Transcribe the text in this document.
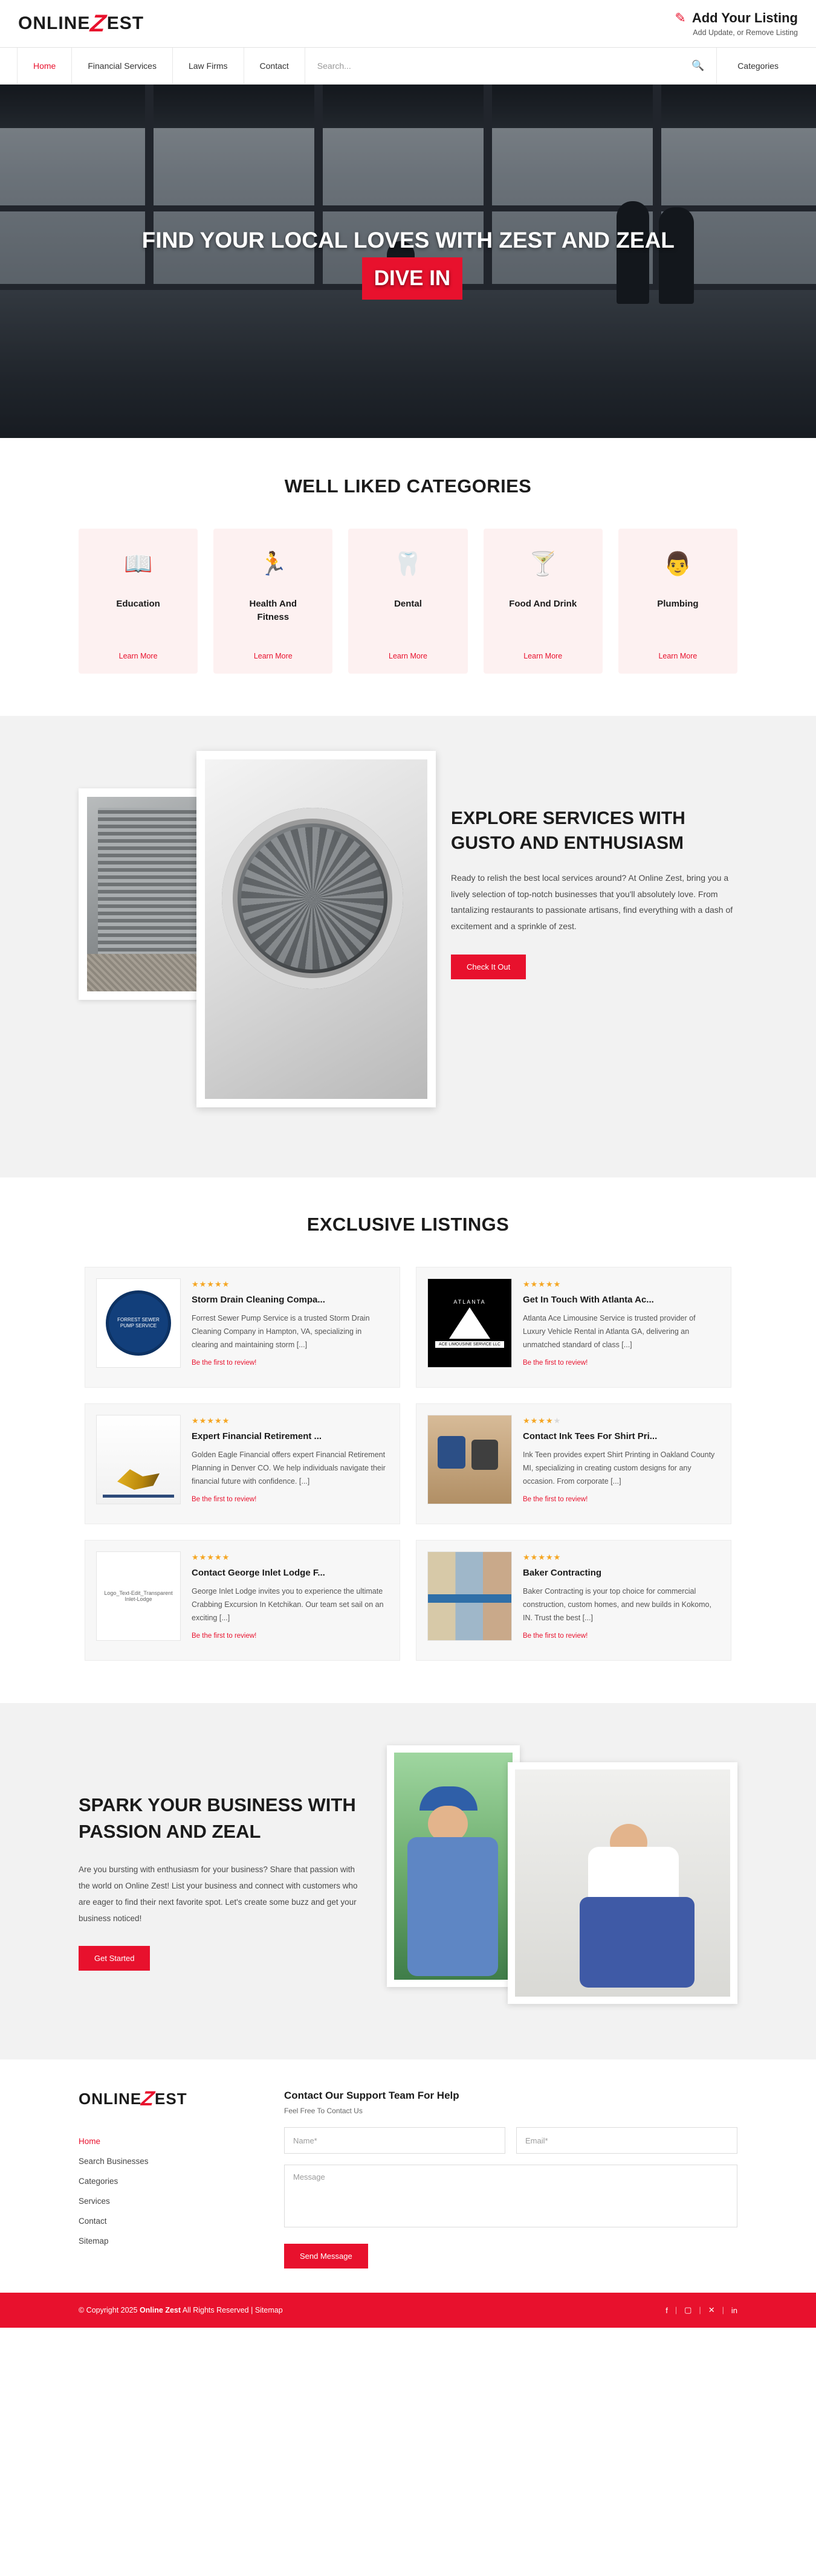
ONLINE
Z
EST	✎ Add Your Listing
Add Update, or Remove Listing
Home	Financial Services	Law Firms	Contact
Search...	🔍	Categories
FIND YOUR LOCAL LOVES WITH ZEST AND ZEAL DIVE IN
WELL LIKED CATEGORIES
📖
Education
Learn More
🏃
Health And Fitness
Learn More
🦷
Dental
Learn More
🍸
Food And Drink
Learn More
👨
Plumbing
Learn More
EXPLORE SERVICES WITH GUSTO AND ENTHUSIASM
Ready to relish the best local services around? At Online Zest, bring you a lively selection of top-notch businesses that you'll absolutely love. From tantalizing restaurants to passionate artisans, find everything with a dash of excitement and a sprinkle of zest.
Check It Out
EXCLUSIVE LISTINGS
FORREST SEWER PUMP SERVICE
★★★★★
Storm Drain Cleaning Compa...
Forrest Sewer Pump Service is a trusted Storm Drain Cleaning Company in Hampton, VA, specializing in clearing and maintaining storm [...]
Be the first to review!
ATLANTA
ACE LIMOUSINE SERVICE LLC
★★★★★
Get In Touch With Atlanta Ac...
Atlanta Ace Limousine Service is trusted provider of Luxury Vehicle Rental in Atlanta GA, delivering an unmatched standard of class [...]
Be the first to review!
★★★★★
Expert Financial Retirement ...
Golden Eagle Financial offers expert Financial Retirement Planning in Denver CO. We help individuals navigate their financial future with confidence. [...]
Be the first to review!
★★★★★
Contact Ink Tees For Shirt Pri...
Ink Teen provides expert Shirt Printing in Oakland County MI, specializing in creating custom designs for any occasion. From corporate [...]
Be the first to review!
Logo_Text-Edit_Transparent Inlet-Lodge
★★★★★
Contact George Inlet Lodge F...
George Inlet Lodge invites you to experience the ultimate Crabbing Excursion In Ketchikan. Our team set sail on an exciting [...]
Be the first to review!
★★★★★
Baker Contracting
Baker Contracting is your top choice for commercial construction, custom homes, and new builds in Kokomo, IN. Trust the best [...]
Be the first to review!
SPARK YOUR BUSINESS WITH PASSION AND ZEAL
Are you bursting with enthusiasm for your business? Share that passion with the world on Online Zest! List your business and connect with customers who are eager to find their next favorite spot. Let's create some buzz and get your business noticed!
Get Started
ONLINE
Z
EST
Home
Search Businesses
Categories
Services
Contact
Sitemap
Contact Our Support Team For Help
Feel Free To Contact Us
Name*
Email*
Message Send Message
© Copyright 2025 Online Zest All Rights Reserved | Sitemap	f | ▢ | ✕ | in
